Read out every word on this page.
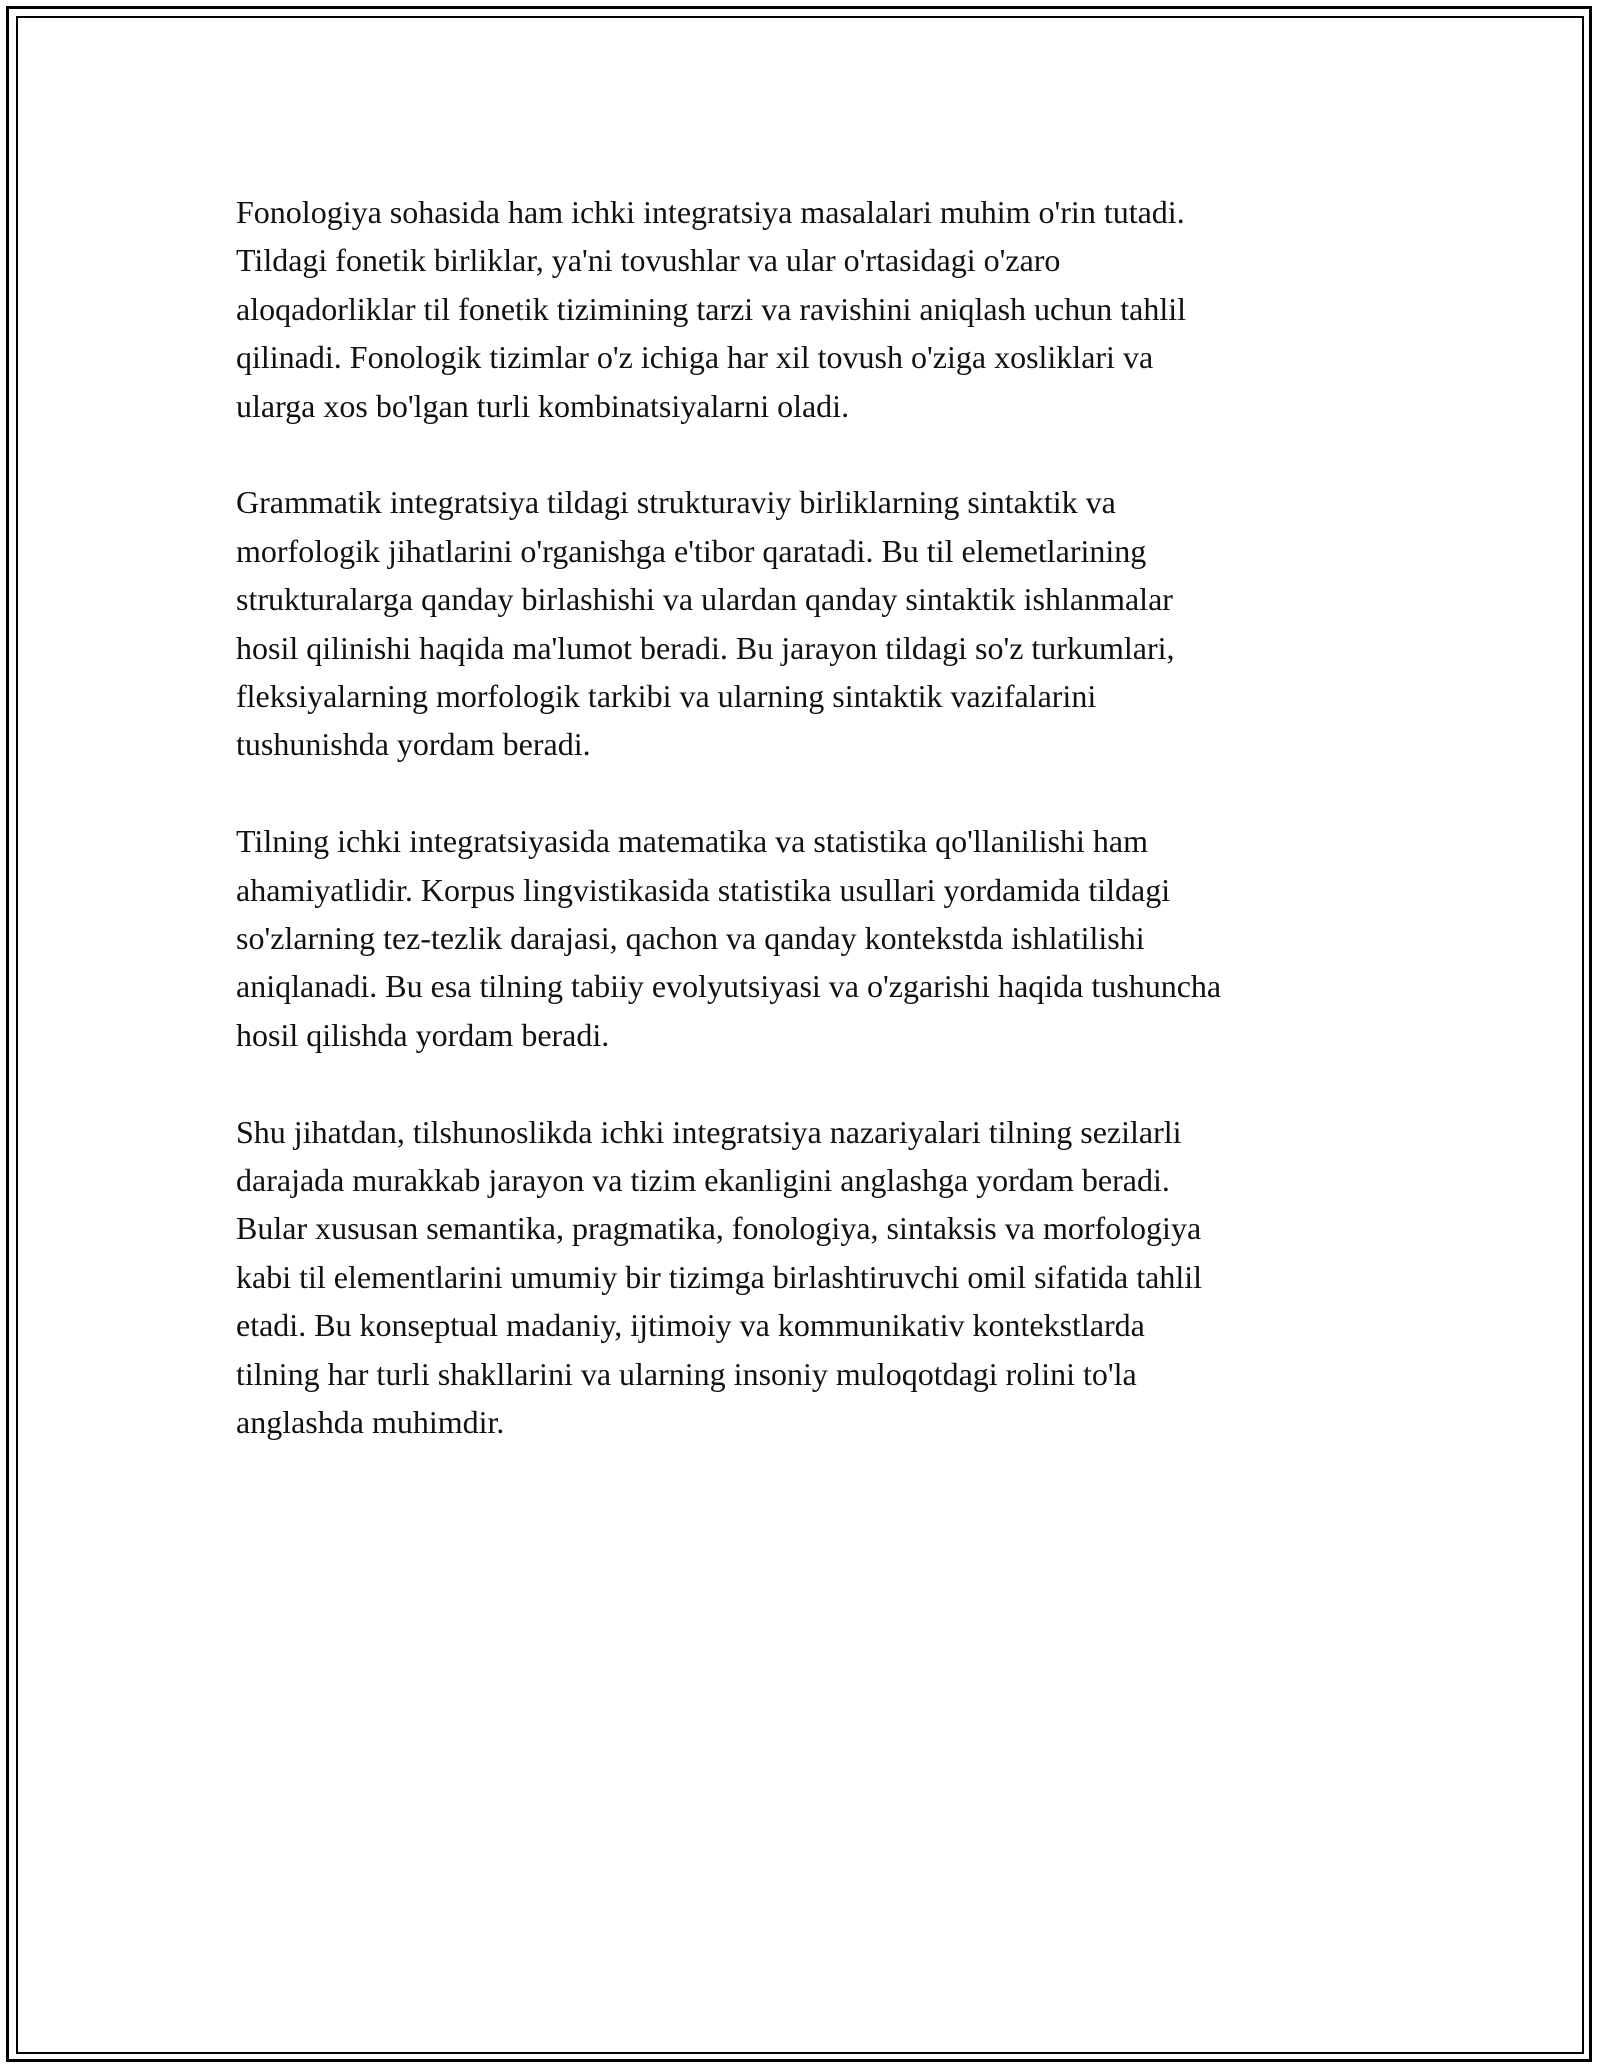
Fonologiya sohasida ham ichki integratsiya masalalari muhim o'rin tutadi.
Tildagi fonetik birliklar, ya'ni tovushlar va ular o'rtasidagi o'zaro
aloqadorliklar til fonetik tizimining tarzi va ravishini aniqlash uchun tahlil
qilinadi. Fonologik tizimlar o'z ichiga har xil tovush o'ziga xosliklari va
ularga xos bo'lgan turli kombinatsiyalarni oladi.

Grammatik integratsiya tildagi strukturaviy birliklarning sintaktik va
morfologik jihatlarini o'rganishga e'tibor qaratadi. Bu til elemetlarining
strukturalarga qanday birlashishi va ulardan qanday sintaktik ishlanmalar
hosil qilinishi haqida ma'lumot beradi. Bu jarayon tildagi so'z turkumlari,
fleksiyalarning morfologik tarkibi va ularning sintaktik vazifalarini
tushunishda yordam beradi.

Tilning ichki integratsiyasida matematika va statistika qo'llanilishi ham
ahamiyatlidir. Korpus lingvistikasida statistika usullari yordamida tildagi
so'zlarning tez-tezlik darajasi, qachon va qanday kontekstda ishlatilishi
aniqlanadi. Bu esa tilning tabiiy evolyutsiyasi va o'zgarishi haqida tushuncha
hosil qilishda yordam beradi.

Shu jihatdan, tilshunoslikda ichki integratsiya nazariyalari tilning sezilarli
darajada murakkab jarayon va tizim ekanligini anglashga yordam beradi.
Bular xususan semantika, pragmatika, fonologiya, sintaksis va morfologiya
kabi til elementlarini umumiy bir tizimga birlashtiruvchi omil sifatida tahlil
etadi. Bu konseptual madaniy, ijtimoiy va kommunikativ kontekstlarda
tilning har turli shakllarini va ularning insoniy muloqotdagi rolini to'la
anglashda muhimdir.
